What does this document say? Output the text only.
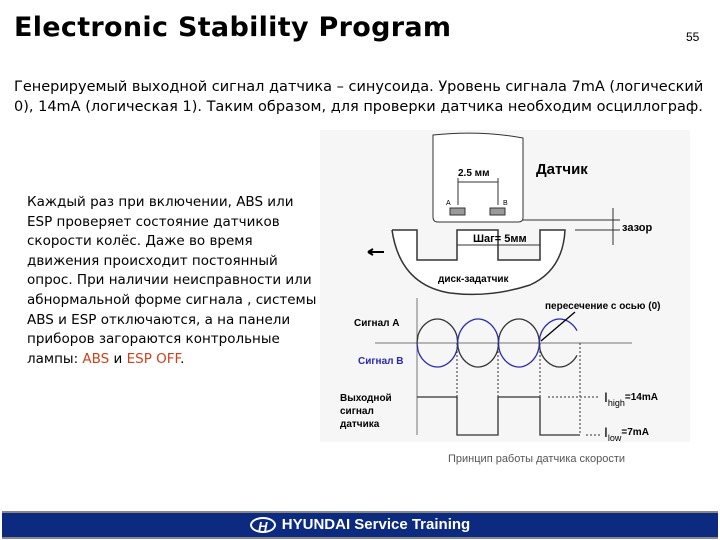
Electronic Stability Program	55
Генерируемый выходной сигнал датчика – синусоида. Уровень сигнала 7mA (логический 0), 14mA (логическая 1). Таким образом, для проверки датчика необходим осциллограф.
Каждый раз при включении, ABS или ESP проверяет состояние датчиков скорости колёс. Даже во время движения происходит постоянный опрос. При наличии неисправности или абнормальной форме сигнала , системы ABS и ESP отключаются, а на панели приборов загораются контрольные лампы: ABS и ESP OFF.
2.5 мм
A	B
Датчик
зазор
Шаг= 5мм
диск-задатчик
пересечение с осью (0)
Сигнал А
Сигнал В
Выходной
сигнал
датчика
$I_{high}^{=14mA}$
$I_{low}^{=7mA}$
Принцип работы датчика скорости
H HYUNDAI Service Training
